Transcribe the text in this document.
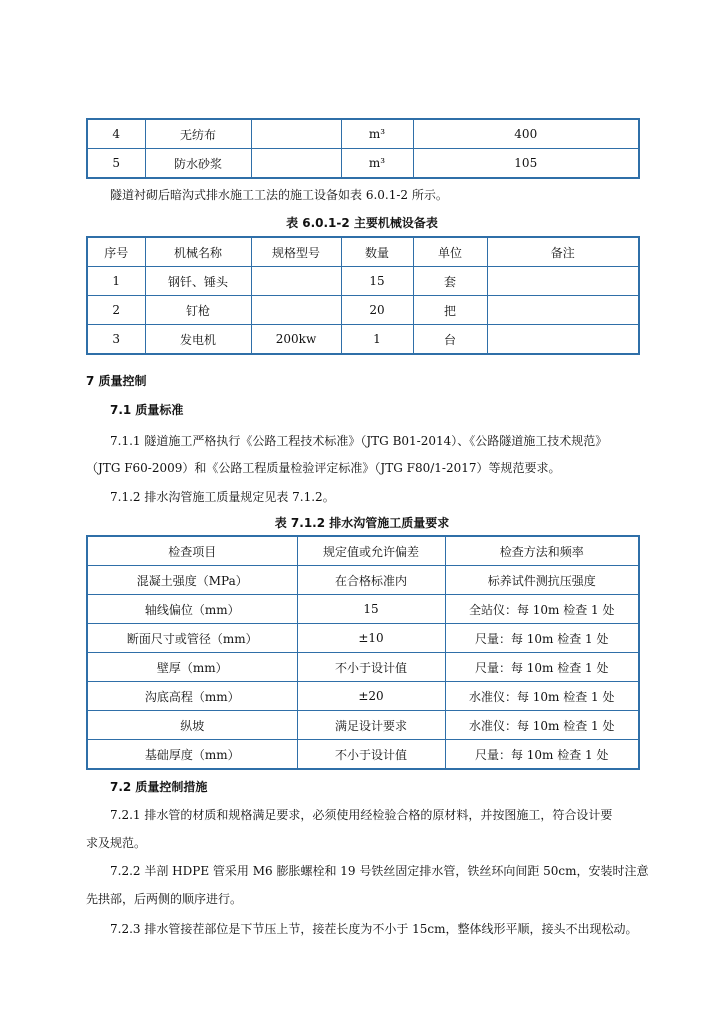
4	无纺布		m³	400
5	防水砂浆		m³	105
隧道衬砌后暗沟式排水施工工法的施工设备如表 6.0.1-2 所示。
表 6.0.1-2 主要机械设备表
序号	机械名称	规格型号	数量	单位	备注
1	钢钎、锤头		15	套	
2	钉枪		20	把	
3	发电机	200kw	1	台	
7 质量控制
7.1 质量标准
7.1.1 隧道施工严格执行《公路工程技术标准》（JTG B01-2014）、《公路隧道施工技术规范》
（JTG F60-2009）和《公路工程质量检验评定标准》（JTG F80/1-2017）等规范要求。
7.1.2 排水沟管施工质量规定见表 7.1.2。
表 7.1.2 排水沟管施工质量要求
检查项目	规定值或允许偏差	检查方法和频率
混凝土强度（MPa）	在合格标准内	标养试件测抗压强度
轴线偏位（mm）	15	全站仪：每 10m 检查 1 处
断面尺寸或管径（mm）	±10	尺量：每 10m 检查 1 处
壁厚（mm）	不小于设计值	尺量：每 10m 检查 1 处
沟底高程（mm）	±20	水准仪：每 10m 检查 1 处
纵坡	满足设计要求	水准仪：每 10m 检查 1 处
基础厚度（mm）	不小于设计值	尺量：每 10m 检查 1 处
7.2 质量控制措施
7.2.1 排水管的材质和规格满足要求，必须使用经检验合格的原材料，并按图施工，符合设计要
求及规范。
7.2.2 半剖 HDPE 管采用 M6 膨胀螺栓和 19 号铁丝固定排水管，铁丝环向间距 50cm，安装时注意
先拱部，后两侧的顺序进行。
7.2.3 排水管接茬部位是下节压上节，接茬长度为不小于 15cm，整体线形平顺，接头不出现松动。
